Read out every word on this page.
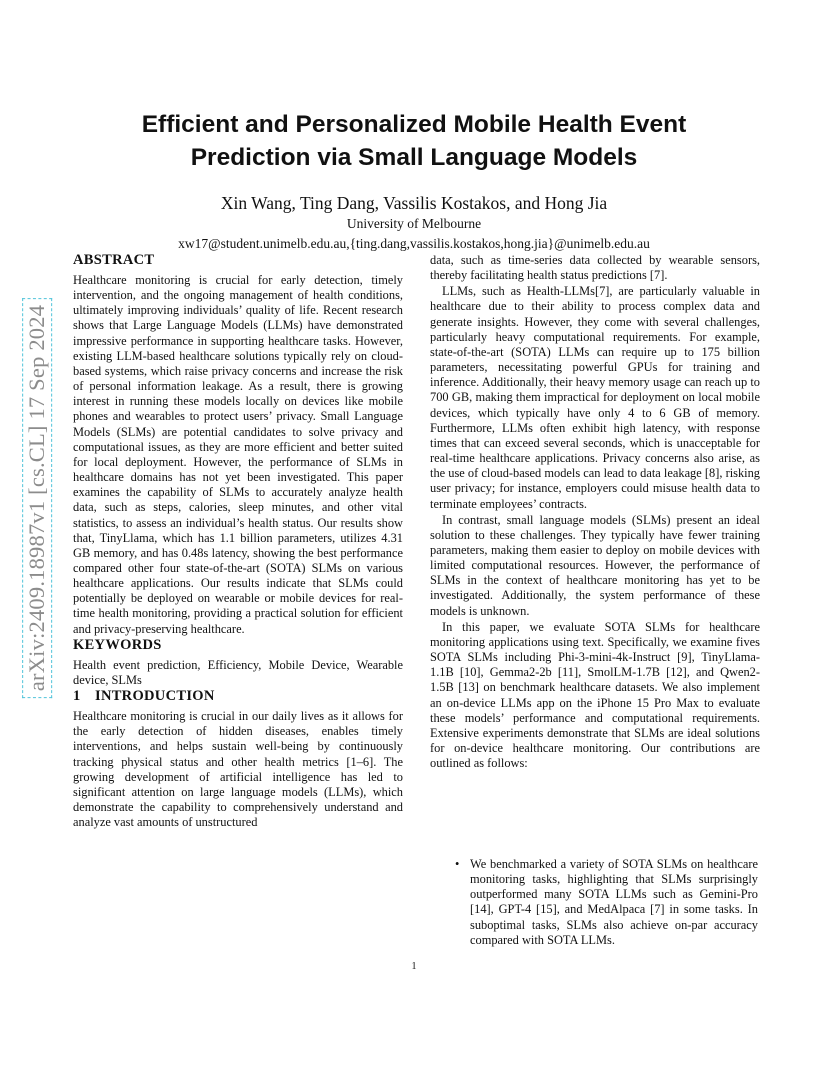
arXiv:2409.18987v1 [cs.CL] 17 Sep 2024
Efficient and Personalized Mobile Health Event
Prediction via Small Language Models
Xin Wang, Ting Dang, Vassilis Kostakos, and Hong Jia
University of Melbourne
xw17@student.unimelb.edu.au,{ting.dang,vassilis.kostakos,hong.jia}@unimelb.edu.au
ABSTRACT

Healthcare monitoring is crucial for early detection, timely intervention, and the ongoing management of health conditions, ultimately improving individuals’ quality of life. Recent research shows that Large Language Models (LLMs) have demonstrated impressive performance in supporting healthcare tasks. However, existing LLM-based healthcare solutions typically rely on cloud-based systems, which raise privacy concerns and increase the risk of personal information leakage. As a result, there is growing interest in running these models locally on devices like mobile phones and wearables to protect users’ privacy. Small Language Models (SLMs) are potential candidates to solve privacy and computational issues, as they are more efficient and better suited for local deployment. However, the performance of SLMs in healthcare domains has not yet been investigated. This paper examines the capability of SLMs to accurately analyze health data, such as steps, calories, sleep minutes, and other vital statistics, to assess an individual’s health status. Our results show that, TinyLlama, which has 1.1 billion parameters, utilizes 4.31 GB memory, and has 0.48s latency, showing the best performance compared other four state-of-the-art (SOTA) SLMs on various healthcare applications. Our results indicate that SLMs could potentially be deployed on wearable or mobile devices for real-time health monitoring, providing a practical solution for efficient and privacy-preserving healthcare.

KEYWORDS

Health event prediction, Efficiency, Mobile Device, Wearable device, SLMs

1 INTRODUCTION

Healthcare monitoring is crucial in our daily lives as it allows for the early detection of hidden diseases, enables timely interventions, and helps sustain well-being by continuously tracking physical status and other health metrics [1–6]. The growing development of artificial intelligence has led to significant attention on large language models (LLMs), which demonstrate the capability to comprehensively understand and analyze vast amounts of unstructured

data, such as time-series data collected by wearable sensors, thereby facilitating health status predictions [7].

LLMs, such as Health-LLMs[7], are particularly valuable in healthcare due to their ability to process complex data and generate insights. However, they come with several challenges, particularly heavy computational requirements. For example, state-of-the-art (SOTA) LLMs can require up to 175 billion parameters, necessitating powerful GPUs for training and inference. Additionally, their heavy memory usage can reach up to 700 GB, making them impractical for deployment on local mobile devices, which typically have only 4 to 6 GB of memory. Furthermore, LLMs often exhibit high latency, with response times that can exceed several seconds, which is unacceptable for real-time healthcare applications. Privacy concerns also arise, as the use of cloud-based models can lead to data leakage [8], risking user privacy; for instance, employers could misuse health data to terminate employees’ contracts.

In contrast, small language models (SLMs) present an ideal solution to these challenges. They typically have fewer training parameters, making them easier to deploy on mobile devices with limited computational resources. However, the performance of SLMs in the context of healthcare monitoring has yet to be investigated. Additionally, the system performance of these models is unknown.

In this paper, we evaluate SOTA SLMs for healthcare monitoring applications using text. Specifically, we examine fives SOTA SLMs including Phi-3-mini-4k-Instruct [9], TinyLlama-1.1B [10], Gemma2-2b [11], SmolLM-1.7B [12], and Qwen2-1.5B [13] on benchmark healthcare datasets. We also implement an on-device LLMs app on the iPhone 15 Pro Max to evaluate these models’ performance and computational requirements. Extensive experiments demonstrate that SLMs are ideal solutions for on-device healthcare monitoring. Our contributions are outlined as follows:

• We benchmarked a variety of SOTA SLMs on healthcare monitoring tasks, highlighting that SLMs surprisingly outperformed many SOTA LLMs such as Gemini-Pro [14], GPT-4 [15], and MedAlpaca [7] in some tasks. In suboptimal tasks, SLMs also achieve on-par accuracy compared with SOTA LLMs.
1
